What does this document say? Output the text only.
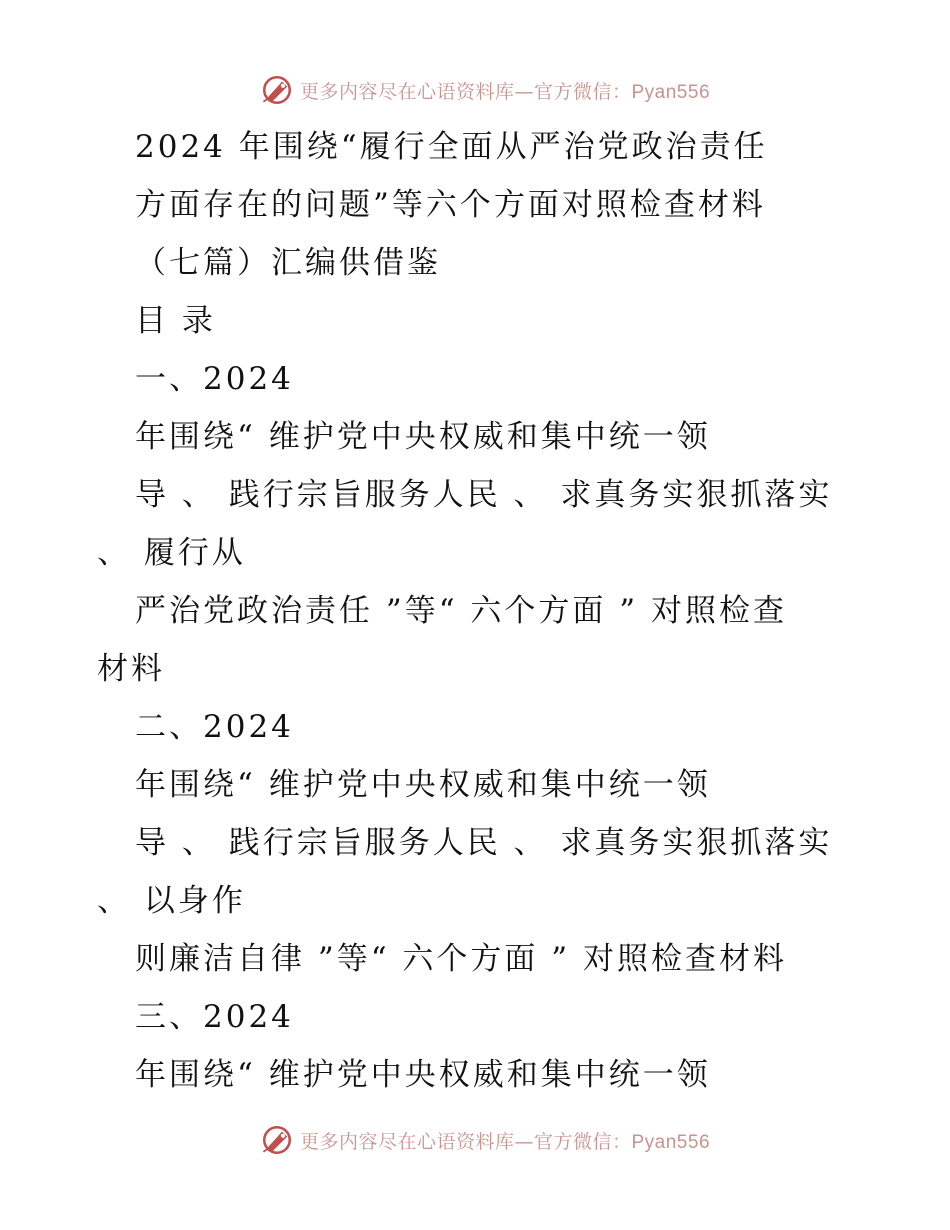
更多内容尽在心语资料库—官方微信：Pyan556
2024 年围绕“履行全面从严治党政治责任
方面存在的问题”等六个方面对照检查材料
（七篇）汇编供借鉴
目 录
一、2024
年围绕“ 维护党中央权威和集中统一领
导 、 践行宗旨服务人民 、 求真务实狠抓落实
、 履行从
严治党政治责任 ”等“ 六个方面 ” 对照检查
材料
二、2024
年围绕“ 维护党中央权威和集中统一领
导 、 践行宗旨服务人民 、 求真务实狠抓落实
、 以身作
则廉洁自律 ”等“ 六个方面 ” 对照检查材料
三、2024
年围绕“ 维护党中央权威和集中统一领
更多内容尽在心语资料库—官方微信：Pyan556
